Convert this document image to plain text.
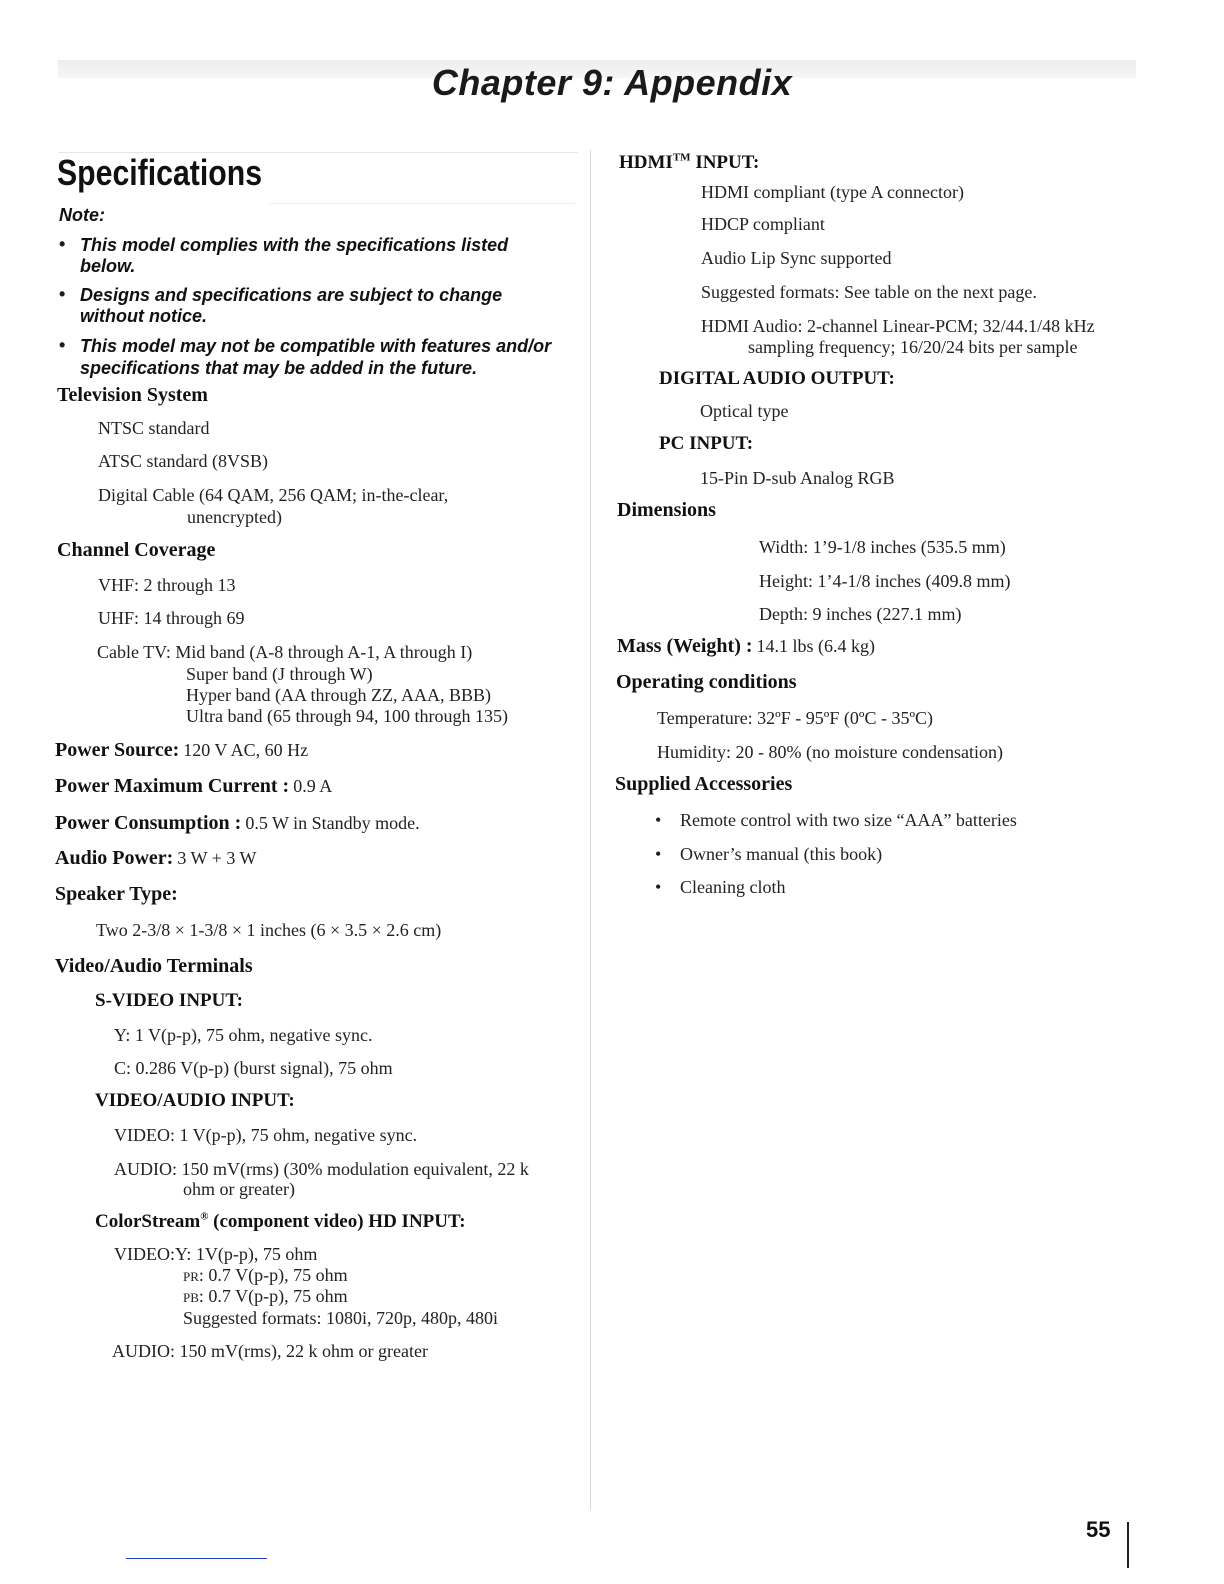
Chapter 9: Appendix
Specifications
Note:
• This model complies with the specifications listed
below.
• Designs and specifications are subject to change
without notice.
• This model may not be compatible with features and/or
specifications that may be added in the future.
Television System
NTSC standard
ATSC standard (8VSB)
Digital Cable (64 QAM, 256 QAM; in-the-clear,
unencrypted)
Channel Coverage
VHF: 2 through 13
UHF: 14 through 69
Cable TV: Mid band (A-8 through A-1, A through I)
Super band (J through W)
Hyper band (AA through ZZ, AAA, BBB)
Ultra band (65 through 94, 100 through 135)
Power Source: 120 V AC, 60 Hz
Power Maximum Current : 0.9 A
Power Consumption : 0.5 W in Standby mode.
Audio Power: 3 W + 3 W
Speaker Type:
Two 2-3/8 × 1-3/8 × 1 inches (6 × 3.5 × 2.6 cm)
Video/Audio Terminals
S-VIDEO INPUT:
Y: 1 V(p-p), 75 ohm, negative sync.
C: 0.286 V(p-p) (burst signal), 75 ohm
VIDEO/AUDIO INPUT:
VIDEO: 1 V(p-p), 75 ohm, negative sync.
AUDIO: 150 mV(rms) (30% modulation equivalent, 22 k
ohm or greater)
ColorStream® (component video) HD INPUT:
VIDEO:Y: 1V(p-p), 75 ohm
PR: 0.7 V(p-p), 75 ohm
PB: 0.7 V(p-p), 75 ohm
Suggested formats: 1080i, 720p, 480p, 480i
AUDIO: 150 mV(rms), 22 k ohm or greater
HDMI™ INPUT:
HDMI compliant (type A connector)
HDCP compliant
Audio Lip Sync supported
Suggested formats: See table on the next page.
HDMI Audio: 2-channel Linear-PCM; 32/44.1/48 kHz
sampling frequency; 16/20/24 bits per sample
DIGITAL AUDIO OUTPUT:
Optical type
PC INPUT:
15-Pin D-sub Analog RGB
Dimensions
Width: 1’9-1/8 inches (535.5 mm)
Height: 1’4-1/8 inches (409.8 mm)
Depth: 9 inches (227.1 mm)
Mass (Weight) : 14.1 lbs (6.4 kg)
Operating conditions
Temperature: 32ºF - 95ºF (0ºC - 35ºC)
Humidity: 20 - 80% (no moisture condensation)
Supplied Accessories
• Remote control with two size “AAA” batteries
• Owner’s manual (this book)
• Cleaning cloth
55
